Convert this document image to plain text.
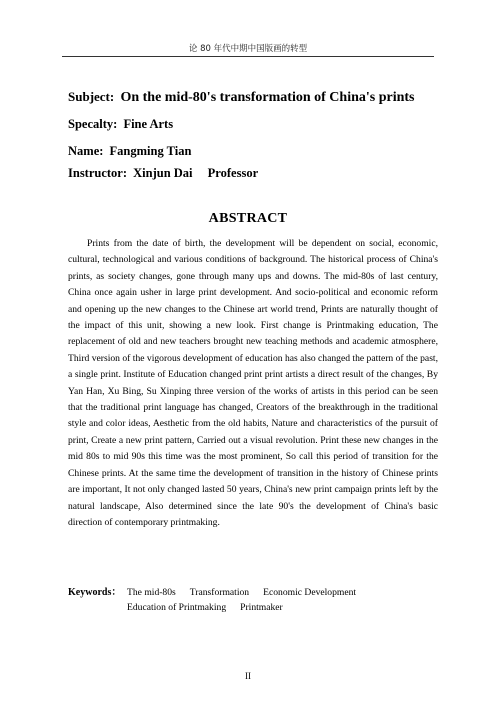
论 80 年代中期中国版画的转型
Subject: On the mid-80's transformation of China's prints
Specalty: Fine Arts
Name: Fangming Tian
Instructor: Xinjun Dai Professor
ABSTRACT

Prints from the date of birth, the development will be dependent on social, economic, cultural, technological and various conditions of background. The historical process of China's prints, as society changes, gone through many ups and downs. The mid-80s of last century, China once again usher in large print development. And socio-political and economic reform and opening up the new changes to the Chinese art world trend, Prints are naturally thought of the impact of this unit, showing a new look. First change is Printmaking education, The replacement of old and new teachers brought new teaching methods and academic atmosphere, Third version of the vigorous development of education has also changed the pattern of the past, a single print. Institute of Education changed print print artists a direct result of the changes, By Yan Han, Xu Bing, Su Xinping three version of the works of artists in this period can be seen that the traditional print language has changed, Creators of the breakthrough in the traditional style and color ideas, Aesthetic from the old habits, Nature and characteristics of the pursuit of print, Create a new print pattern, Carried out a visual revolution. Print these new changes in the mid 80s to mid 90s this time was the most prominent, So call this period of transition for the Chinese prints. At the same time the development of transition in the history of Chinese prints are important, It not only changed lasted 50 years, China's new print campaign prints left by the natural landscape, Also determined since the late 90's the development of China's basic direction of contemporary printmaking.

Keywords： The mid-80s Transformation Economic Development
Education of Printmaking Printmaker
II
